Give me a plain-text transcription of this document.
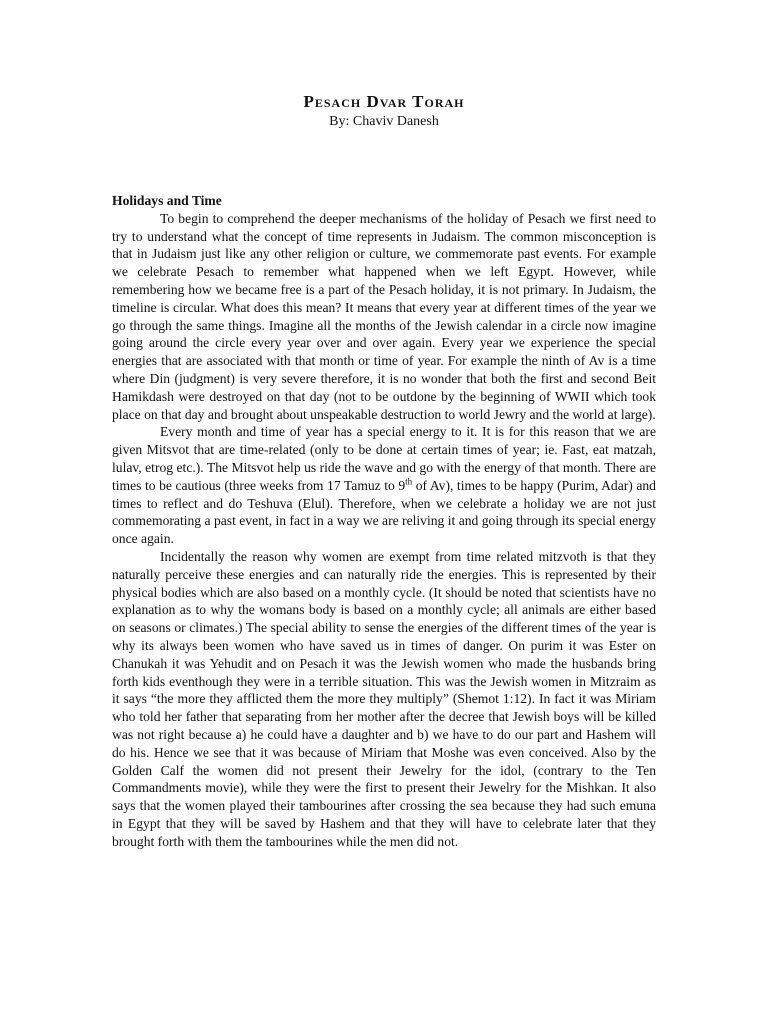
Pesach Dvar Torah
By: Chaviv Danesh
Holidays and Time

To begin to comprehend the deeper mechanisms of the holiday of Pesach we first need to try to understand what the concept of time represents in Judaism. The common misconception is that in Judaism just like any other religion or culture, we commemorate past events. For example we celebrate Pesach to remember what happened when we left Egypt. However, while remembering how we became free is a part of the Pesach holiday, it is not primary. In Judaism, the timeline is circular. What does this mean? It means that every year at different times of the year we go through the same things. Imagine all the months of the Jewish calendar in a circle now imagine going around the circle every year over and over again. Every year we experience the special energies that are associated with that month or time of year. For example the ninth of Av is a time where Din (judgment) is very severe therefore, it is no wonder that both the first and second Beit Hamikdash were destroyed on that day (not to be outdone by the beginning of WWII which took place on that day and brought about unspeakable destruction to world Jewry and the world at large).

Every month and time of year has a special energy to it. It is for this reason that we are given Mitsvot that are time-related (only to be done at certain times of year; ie. Fast, eat matzah, lulav, etrog etc.). The Mitsvot help us ride the wave and go with the energy of that month. There are times to be cautious (three weeks from 17 Tamuz to 9th of Av), times to be happy (Purim, Adar) and times to reflect and do Teshuva (Elul). Therefore, when we celebrate a holiday we are not just commemorating a past event, in fact in a way we are reliving it and going through its special energy once again.

Incidentally the reason why women are exempt from time related mitzvoth is that they naturally perceive these energies and can naturally ride the energies. This is represented by their physical bodies which are also based on a monthly cycle. (It should be noted that scientists have no explanation as to why the womans body is based on a monthly cycle; all animals are either based on seasons or climates.) The special ability to sense the energies of the different times of the year is why its always been women who have saved us in times of danger. On purim it was Ester on Chanukah it was Yehudit and on Pesach it was the Jewish women who made the husbands bring forth kids eventhough they were in a terrible situation. This was the Jewish women in Mitzraim as it says “the more they afflicted them the more they multiply” (Shemot 1:12). In fact it was Miriam who told her father that separating from her mother after the decree that Jewish boys will be killed was not right because a) he could have a daughter and b) we have to do our part and Hashem will do his. Hence we see that it was because of Miriam that Moshe was even conceived. Also by the Golden Calf the women did not present their Jewelry for the idol, (contrary to the Ten Commandments movie), while they were the first to present their Jewelry for the Mishkan. It also says that the women played their tambourines after crossing the sea because they had such emuna in Egypt that they will be saved by Hashem and that they will have to celebrate later that they brought forth with them the tambourines while the men did not.
